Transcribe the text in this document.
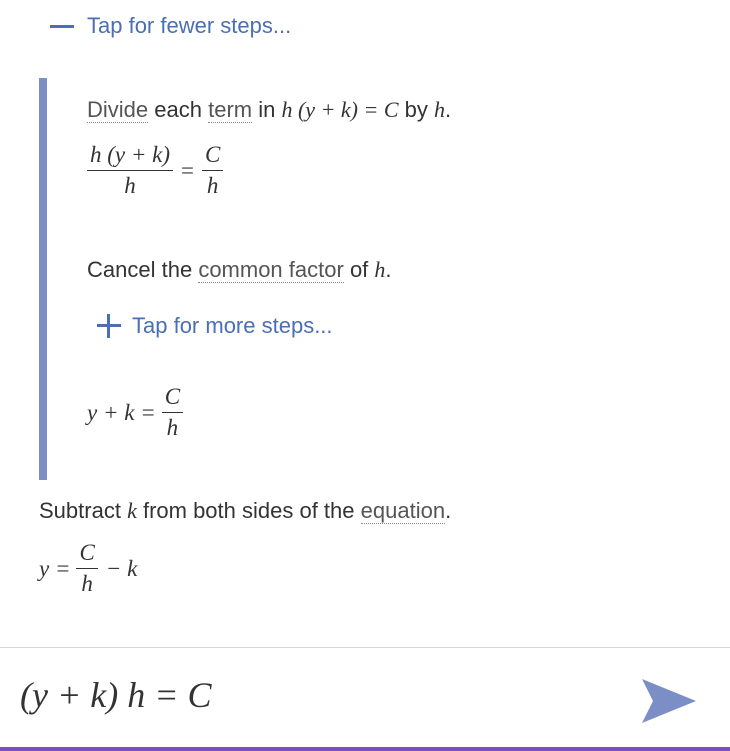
Tap for fewer steps...
Divide each term in h (y + k) = C by h.
$\frac{h (y + k)}{h} = \frac{C}{h}$
Cancel the common factor of h.
Tap for more steps...
$y + k = \frac{C}{h}$
Subtract k from both sides of the equation.
$y = \frac{C}{h} - k$
(y + k) h = C
